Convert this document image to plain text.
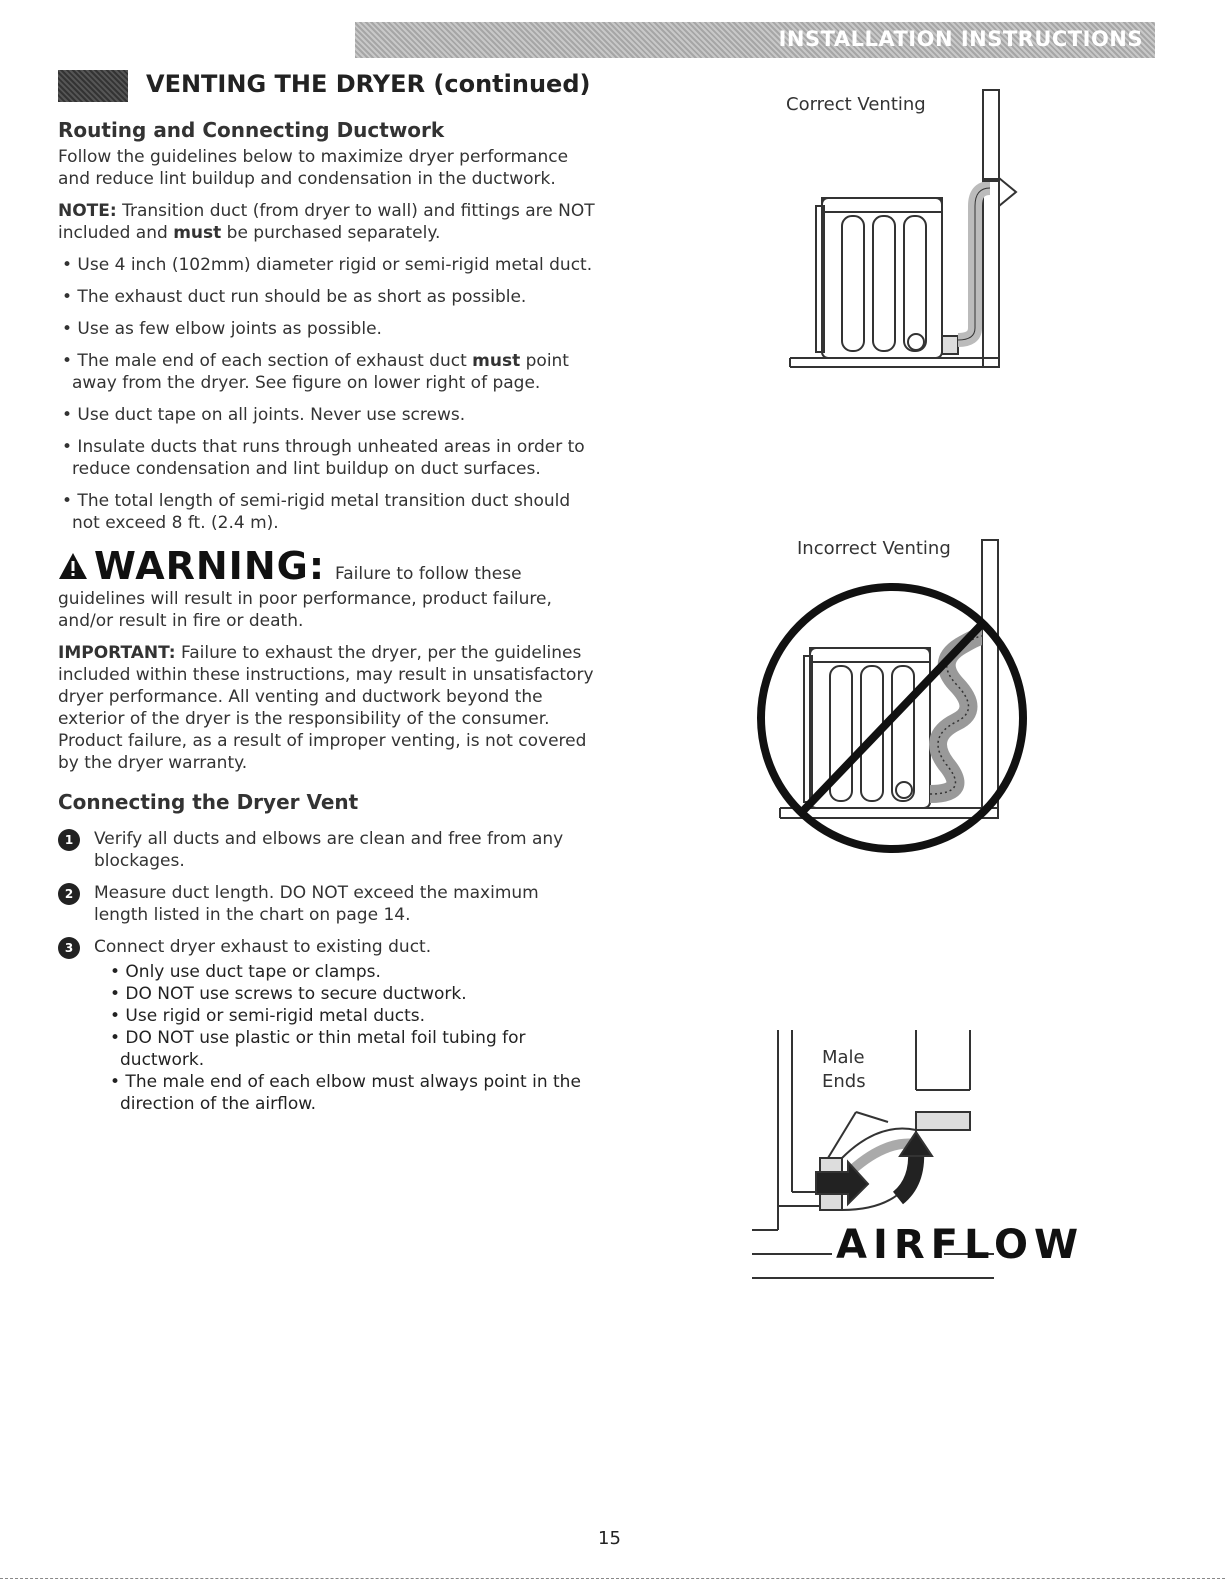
INSTALLATION INSTRUCTIONS
VENTING THE DRYER (continued)
Routing and Connecting Ductwork

Follow the guidelines below to maximize dryer performance and reduce lint buildup and condensation in the ductwork.

NOTE: Transition duct (from dryer to wall) and fittings are NOT included and must be purchased separately.

• Use 4 inch (102mm) diameter rigid or semi-rigid metal duct.
• The exhaust duct run should be as short as possible.
• Use as few elbow joints as possible.
• The male end of each section of exhaust duct must point away from the dryer. See figure on lower right of page.
• Use duct tape on all joints. Never use screws.
• Insulate ducts that runs through unheated areas in order to reduce condensation and lint buildup on duct surfaces.
• The total length of semi-rigid metal transition duct should not exceed 8 ft. (2.4 m).
WARNING: Failure to follow these

guidelines will result in poor performance, product failure, and/or result in fire or death.

IMPORTANT: Failure to exhaust the dryer, per the guidelines included within these instructions, may result in unsatisfactory dryer performance. All venting and ductwork beyond the exterior of the dryer is the responsibility of the consumer. Product failure, as a result of improper venting, is not covered by the dryer warranty.

Connecting the Dryer Vent
1	Verify all ducts and elbows are clean and free from any blockages.
2	Measure duct length. DO NOT exceed the maximum length listed in the chart on page 14.
3	Connect dryer exhaust to existing duct.
• Only use duct tape or clamps.
• DO NOT use screws to secure ductwork.
• Use rigid or semi-rigid metal ducts.
• DO NOT use plastic or thin metal foil tubing for ductwork.
• The male end of each elbow must always point in the direction of the airflow.
Correct Venting
Incorrect Venting
Male
Ends
AIRFLOW
15
